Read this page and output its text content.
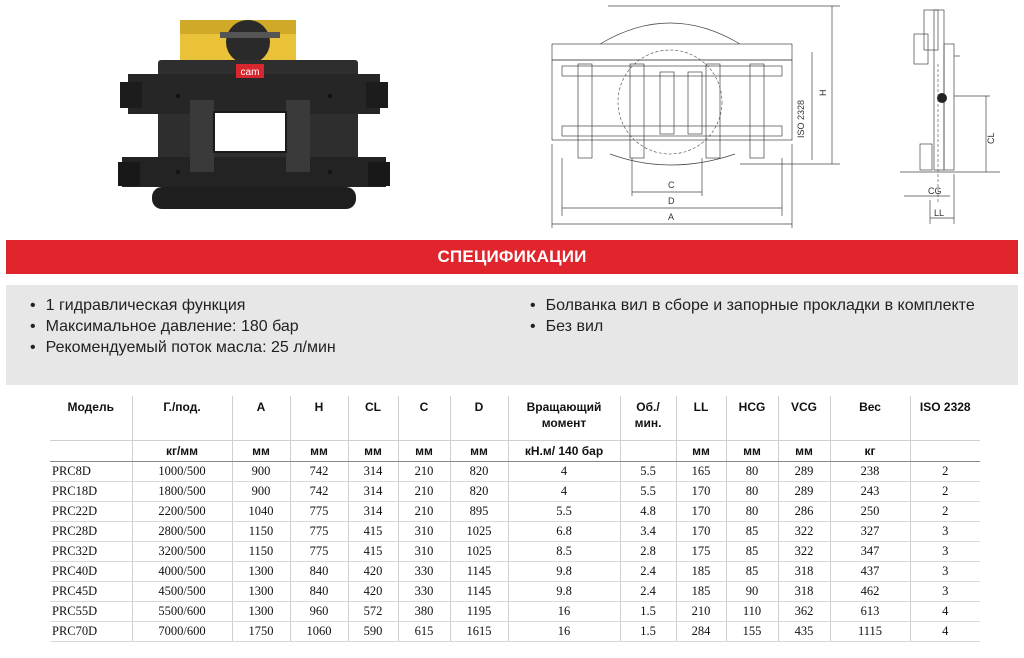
cam
C
D
A
ISO 2328
H
CL
CG
LL
СПЕЦИФИКАЦИИ
• 1 гидравлическая функция
• Максимальное давление: 180 бар
• Рекомендуемый поток масла: 25 л/мин
• Болванка вил в сборе и запорные прокладки в комплекте
• Без вил
Модель	Г./под.	A	H	CL	C	D	Вращающий момент	Об./ мин.	LL	HCG	VCG	Вес	ISO 2328
	кг/мм	мм	мм	мм	мм	мм	кН.м/ 140 бар		мм	мм	мм	кг	
PRC8D	1000/500	900	742	314	210	820	4	5.5	165	80	289	238	2
PRC18D	1800/500	900	742	314	210	820	4	5.5	170	80	289	243	2
PRC22D	2200/500	1040	775	314	210	895	5.5	4.8	170	80	286	250	2
PRC28D	2800/500	1150	775	415	310	1025	6.8	3.4	170	85	322	327	3
PRC32D	3200/500	1150	775	415	310	1025	8.5	2.8	175	85	322	347	3
PRC40D	4000/500	1300	840	420	330	1145	9.8	2.4	185	85	318	437	3
PRC45D	4500/500	1300	840	420	330	1145	9.8	2.4	185	90	318	462	3
PRC55D	5500/600	1300	960	572	380	1195	16	1.5	210	110	362	613	4
PRC70D	7000/600	1750	1060	590	615	1615	16	1.5	284	155	435	1115	4
